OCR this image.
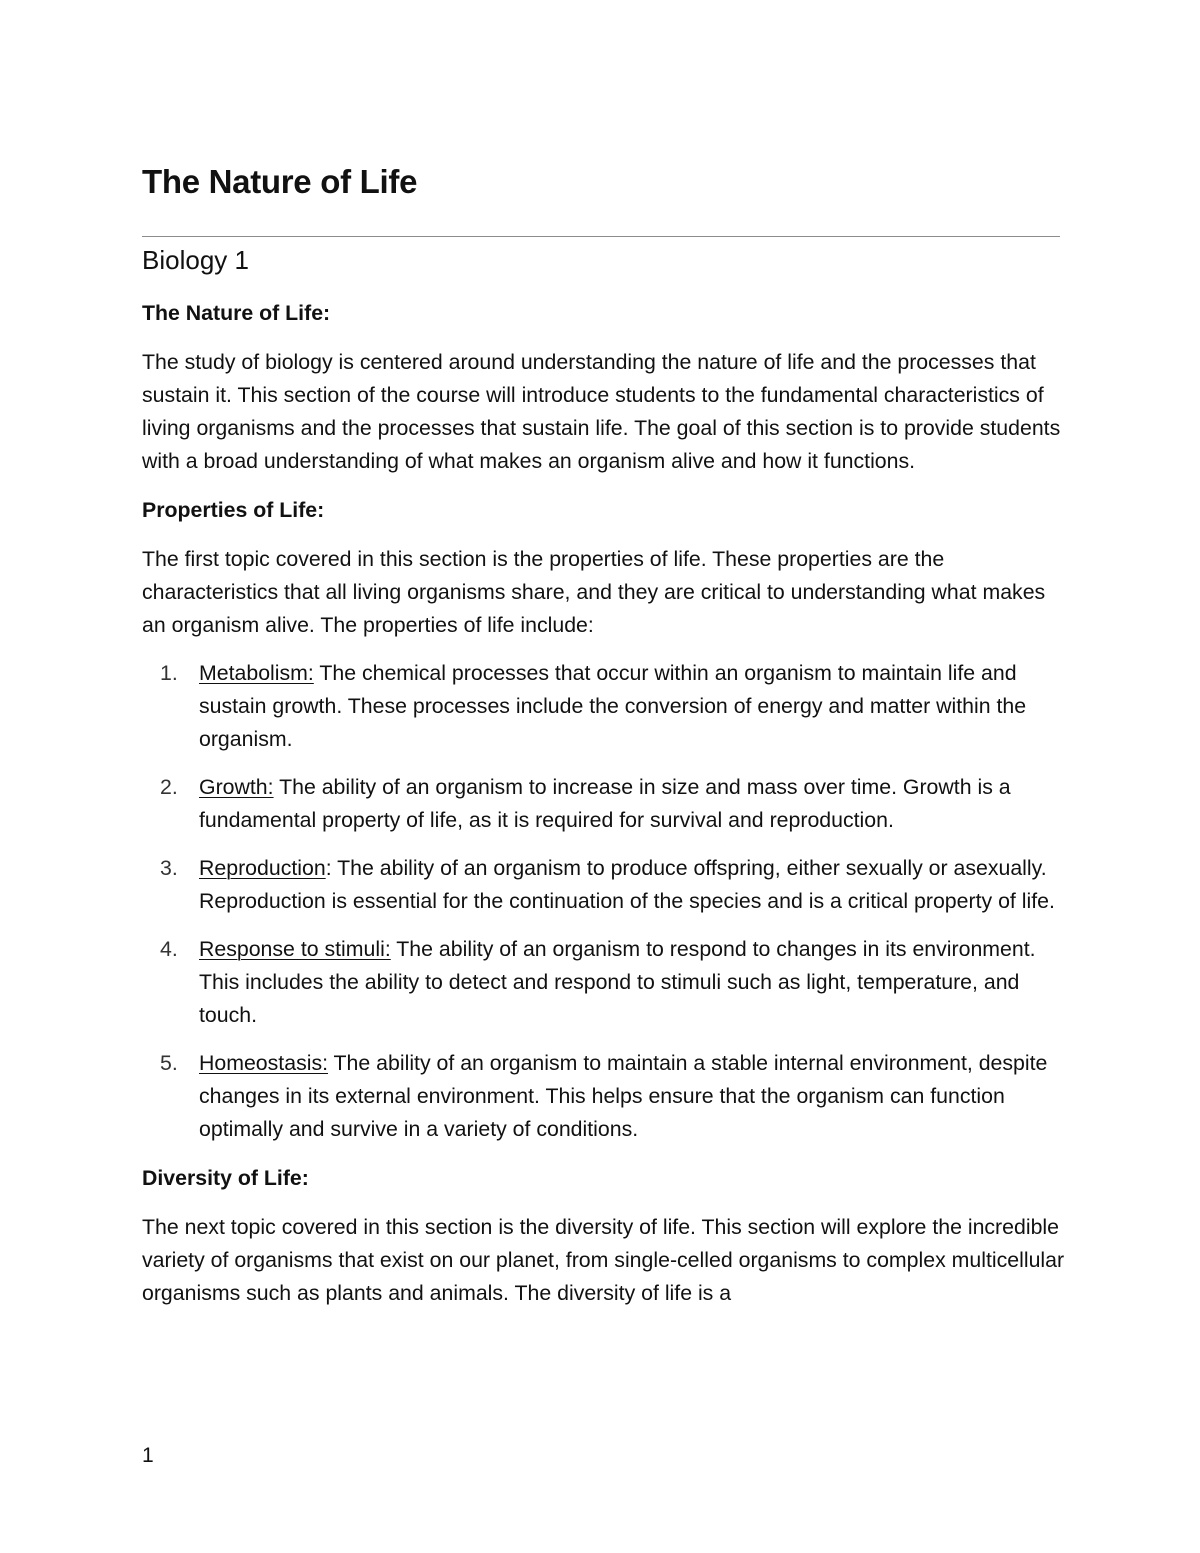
The Nature of Life
Biology 1
The Nature of Life:

The study of biology is centered around understanding the nature of life and the processes that sustain it. This section of the course will introduce students to the fundamental characteristics of living organisms and the processes that sustain life. The goal of this section is to provide students with a broad understanding of what makes an organism alive and how it functions.

Properties of Life:

The first topic covered in this section is the properties of life. These properties are the characteristics that all living organisms share, and they are critical to understanding what makes an organism alive. The properties of life include:

1. Metabolism: The chemical processes that occur within an organism to maintain life and sustain growth. These processes include the conversion of energy and matter within the organism.
2. Growth: The ability of an organism to increase in size and mass over time. Growth is a fundamental property of life, as it is required for survival and reproduction.
3. Reproduction: The ability of an organism to produce offspring, either sexually or asexually. Reproduction is essential for the continuation of the species and is a critical property of life.
4. Response to stimuli: The ability of an organism to respond to changes in its environment. This includes the ability to detect and respond to stimuli such as light, temperature, and touch.
5. Homeostasis: The ability of an organism to maintain a stable internal environment, despite changes in its external environment. This helps ensure that the organism can function optimally and survive in a variety of conditions.
Diversity of Life:

The next topic covered in this section is the diversity of life. This section will explore the incredible variety of organisms that exist on our planet, from single-celled organisms to complex multicellular organisms such as plants and animals. The diversity of life is a

1
